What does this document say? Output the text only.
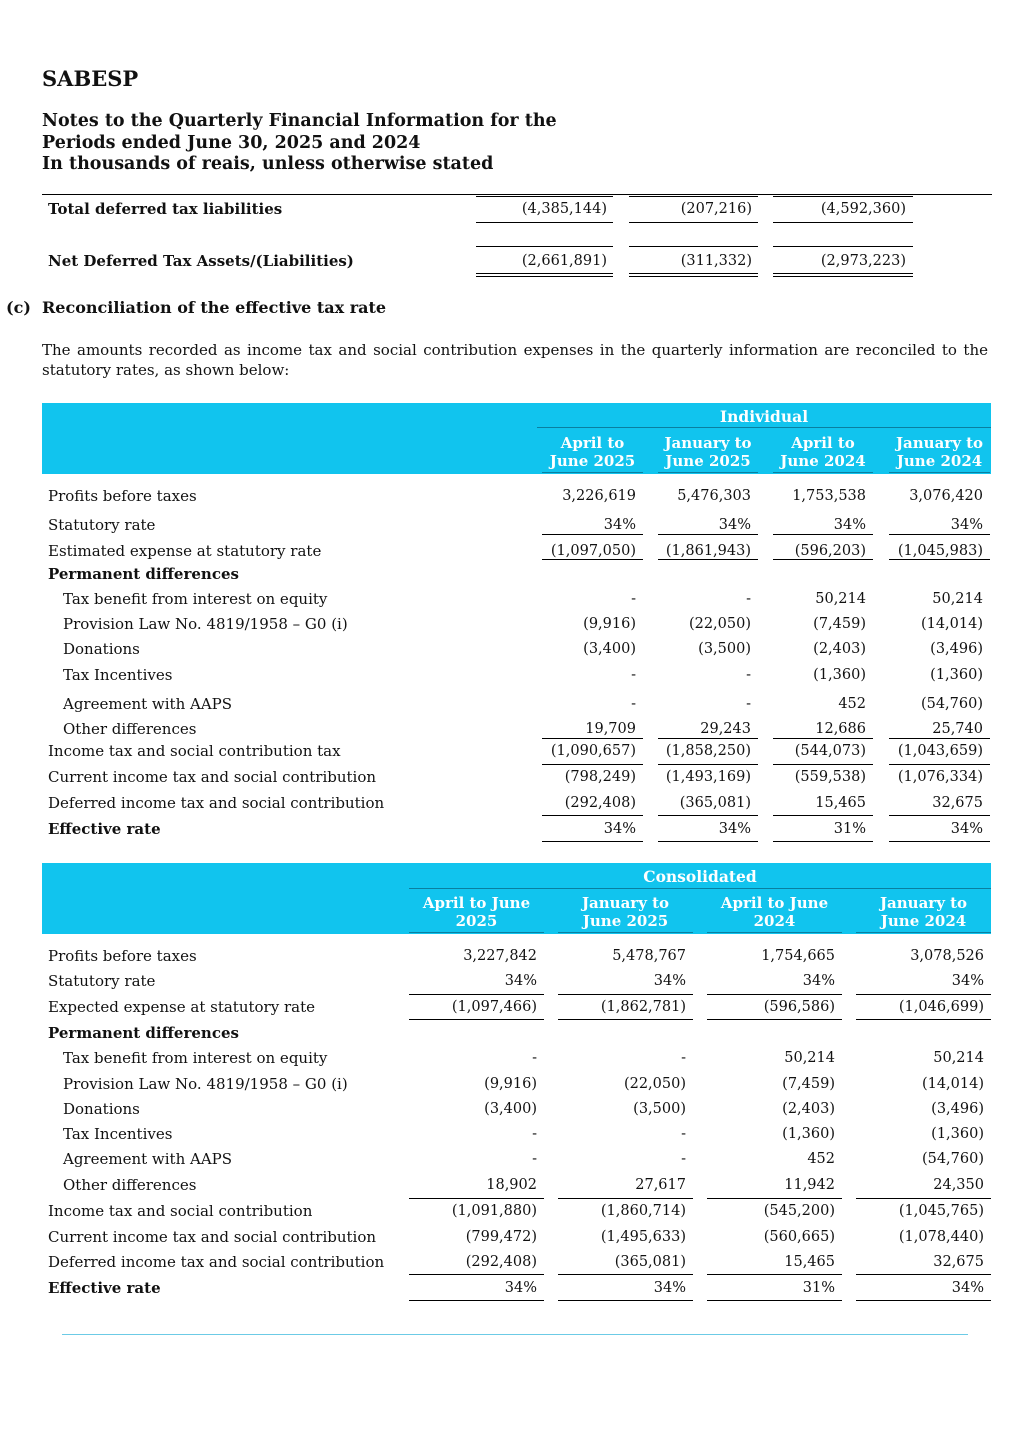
SABESP
Notes to the Quarterly Financial Information for the
Periods ended June 30, 2025 and 2024
In thousands of reais, unless otherwise stated
Total deferred tax liabilities	(4,385,144)	(207,216)	(4,592,360)
Net Deferred Tax Assets/(Liabilities)	(2,661,891)	(311,332)	(2,973,223)
(c) Reconciliation of the effective tax rate
The amounts recorded as income tax and social contribution expenses in the quarterly information are reconciled to the statutory rates, as shown below:
Individual
April to
June 2025
January to
June 2025
April to
June 2024
January to
June 2024
Profits before taxes	3,226,619	5,476,303	1,753,538	3,076,420
Statutory rate	34%	34%	34%	34%
Estimated expense at statutory rate	(1,097,050)	(1,861,943)	(596,203)	(1,045,983)
Permanent differences
Tax benefit from interest on equity	-	-	50,214	50,214
Provision Law No. 4819/1958 – G0 (i)	(9,916)	(22,050)	(7,459)	(14,014)
Donations	(3,400)	(3,500)	(2,403)	(3,496)
Tax Incentives	-	-	(1,360)	(1,360)
Agreement with AAPS	-	-	452	(54,760)
Other differences	19,709	29,243	12,686	25,740
Income tax and social contribution tax	(1,090,657)	(1,858,250)	(544,073)	(1,043,659)
Current income tax and social contribution	(798,249)	(1,493,169)	(559,538)	(1,076,334)
Deferred income tax and social contribution	(292,408)	(365,081)	15,465	32,675
Effective rate	34%	34%	31%	34%
Consolidated
April to June
2025
January to
June 2025
April to June
2024
January to
June 2024
Profits before taxes	3,227,842	5,478,767	1,754,665	3,078,526
Statutory rate	34%	34%	34%	34%
Expected expense at statutory rate	(1,097,466)	(1,862,781)	(596,586)	(1,046,699)
Permanent differences
Tax benefit from interest on equity	-	-	50,214	50,214
Provision Law No. 4819/1958 – G0 (i)	(9,916)	(22,050)	(7,459)	(14,014)
Donations	(3,400)	(3,500)	(2,403)	(3,496)
Tax Incentives	-	-	(1,360)	(1,360)
Agreement with AAPS	-	-	452	(54,760)
Other differences	18,902	27,617	11,942	24,350
Income tax and social contribution	(1,091,880)	(1,860,714)	(545,200)	(1,045,765)
Current income tax and social contribution	(799,472)	(1,495,633)	(560,665)	(1,078,440)
Deferred income tax and social contribution	(292,408)	(365,081)	15,465	32,675
Effective rate	34%	34%	31%	34%
